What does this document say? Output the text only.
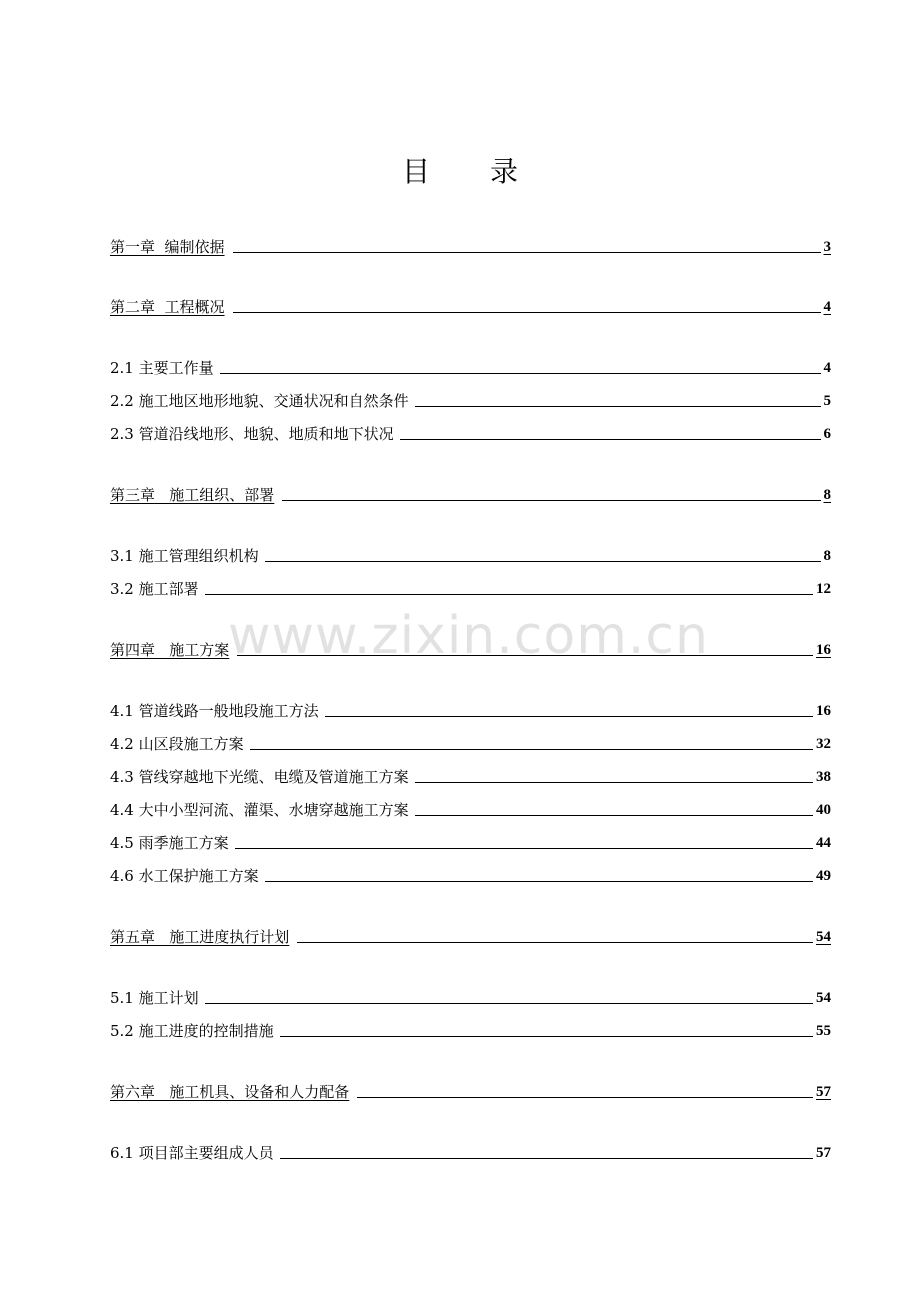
目 录
第一章  编制依据	3
第二章  工程概况	4
2.1 主要工作量	4
2.2 施工地区地形地貌、交通状况和自然条件	5
2.3 管道沿线地形、地貌、地质和地下状况	6
第三章   施工组织、部署	8
3.1 施工管理组织机构	8
3.2 施工部署	12
第四章   施工方案	16
4.1 管道线路一般地段施工方法	16
4.2 山区段施工方案	32
4.3 管线穿越地下光缆、电缆及管道施工方案	38
4.4 大中小型河流、灌渠、水塘穿越施工方案	40
4.5 雨季施工方案	44
4.6 水工保护施工方案	49
第五章   施工进度执行计划	54
5.1 施工计划	54
5.2 施工进度的控制措施	55
第六章   施工机具、设备和人力配备	57
6.1 项目部主要组成人员	57
www.zixin.com.cn
